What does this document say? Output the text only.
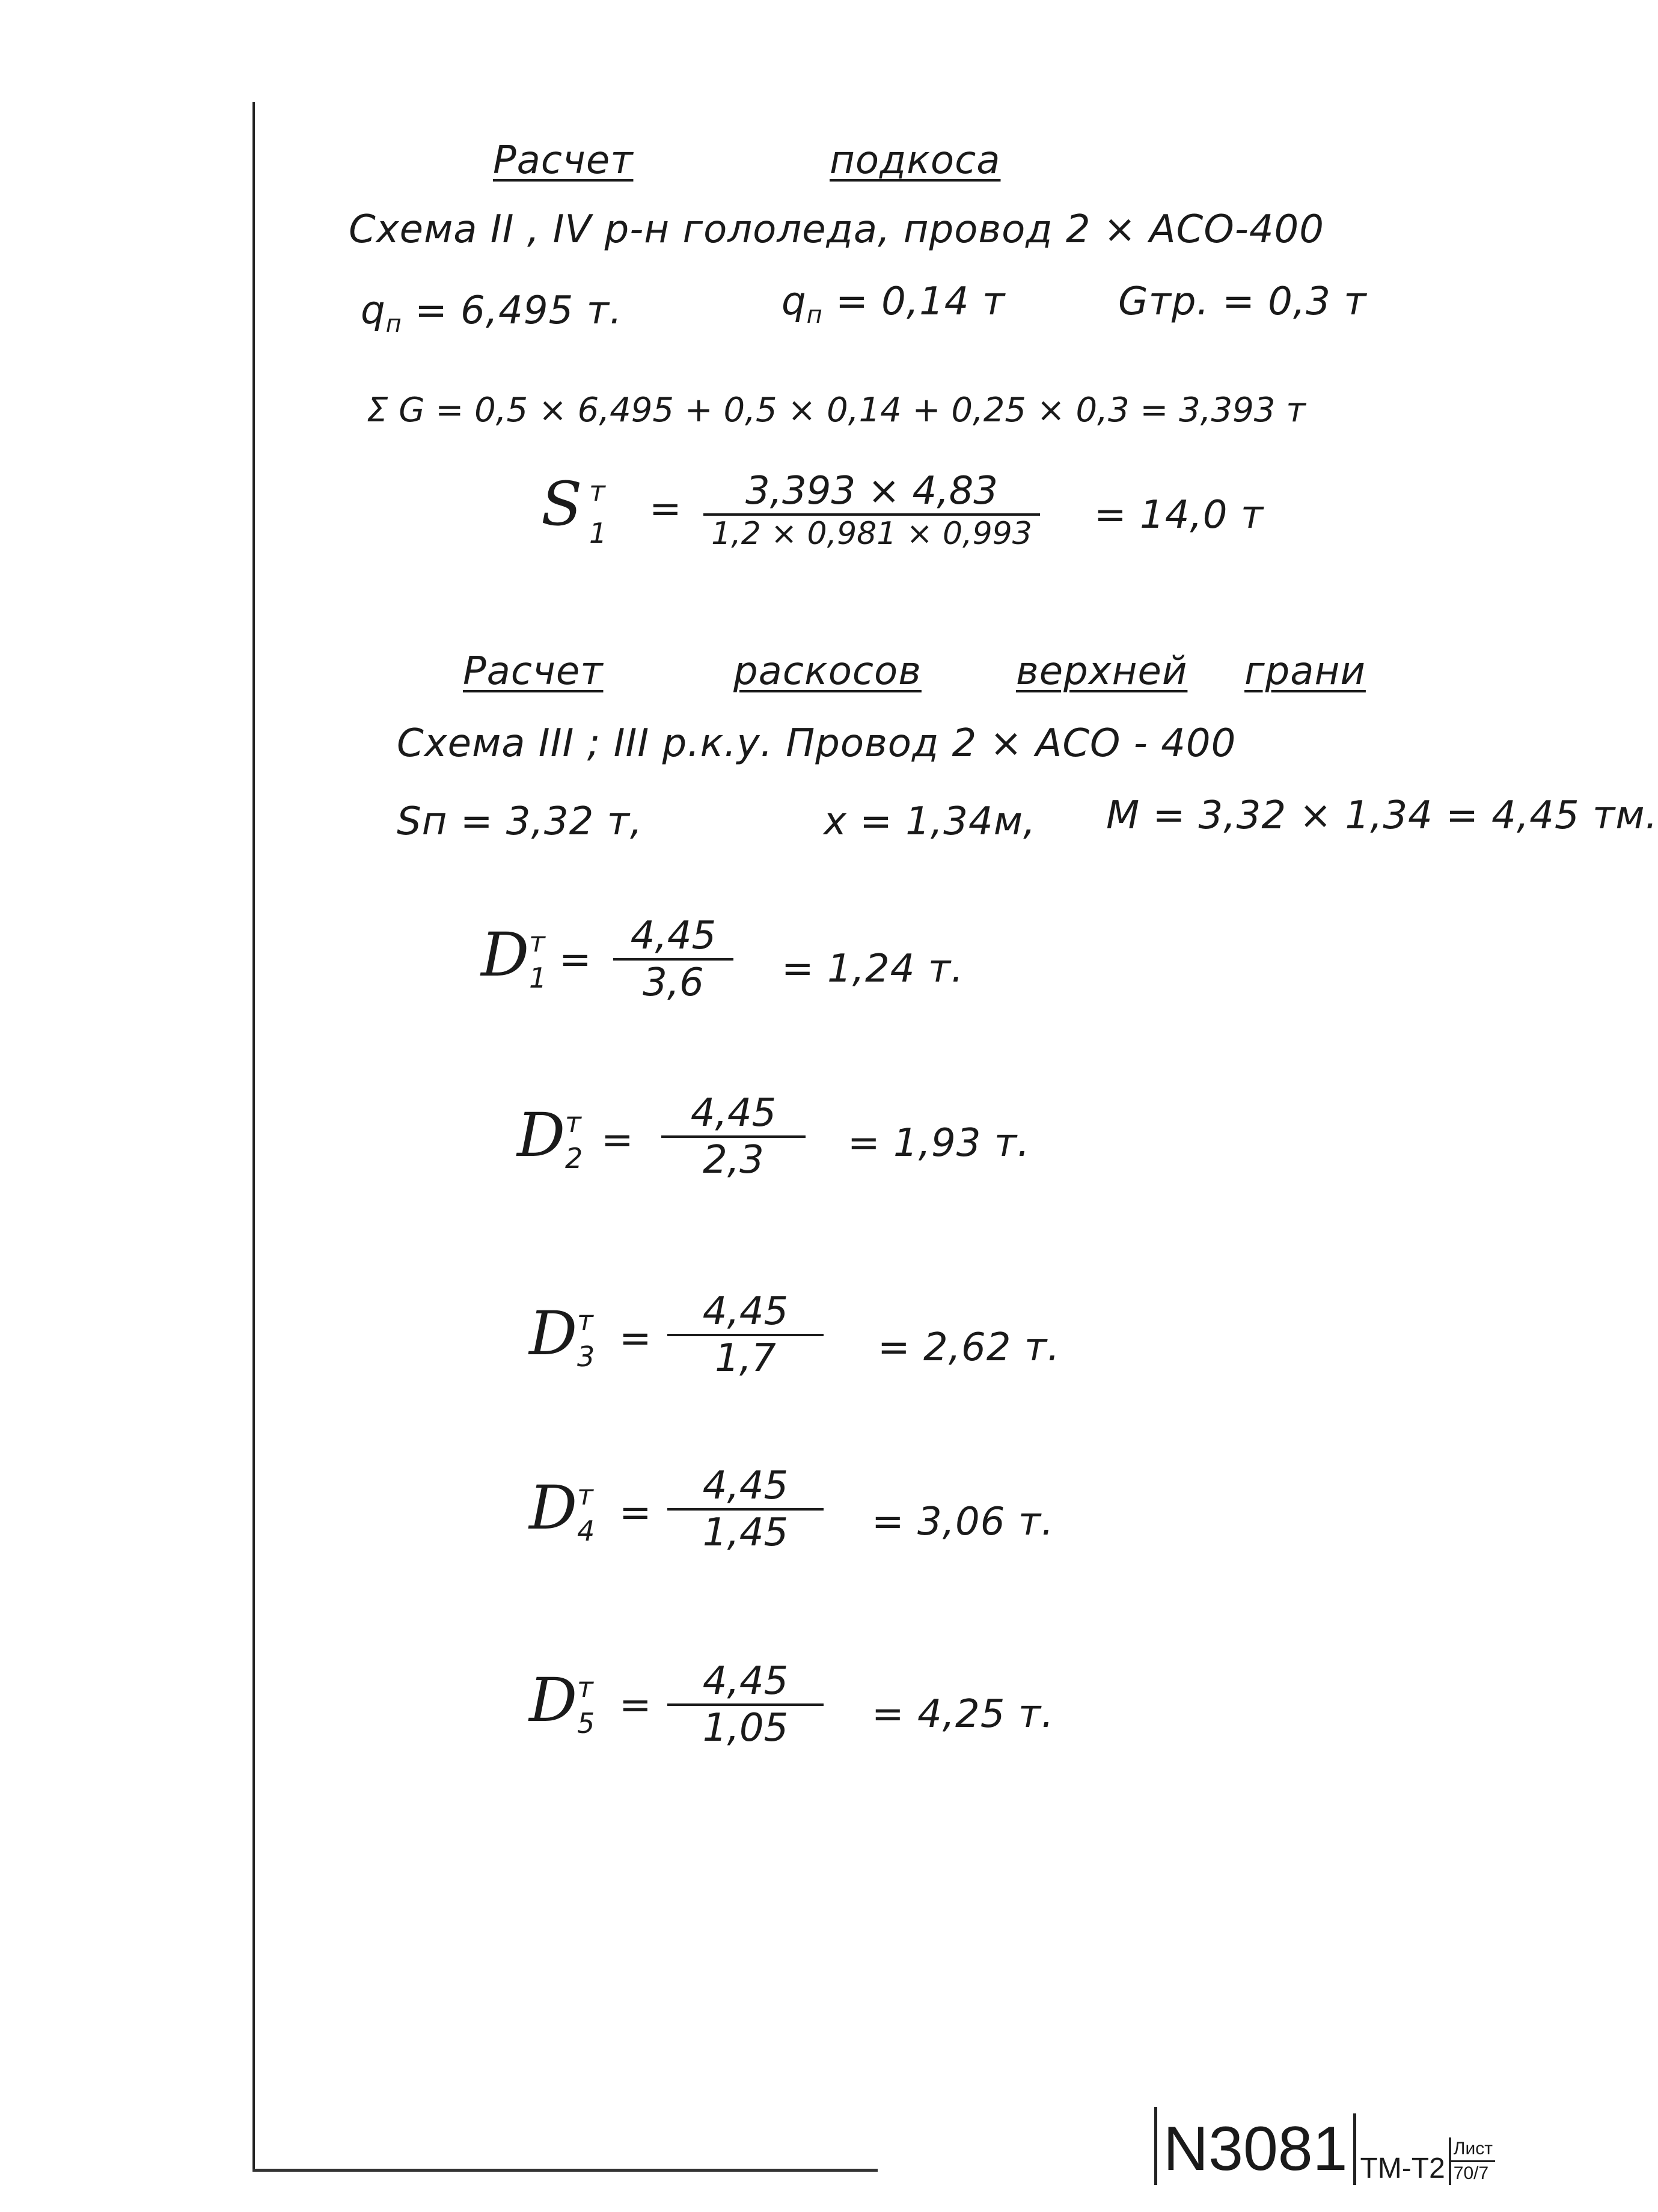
Расчет	подкоса
Схема II , IV р-н гололеда, провод 2 × АСО-400
$q_п = 6,495$ т.	$q_п = 0,14$ т	Gтр. = 0,3 т
Σ G = 0,5 × 6,495 + 0,5 × 0,14 + 0,25 × 0,3 = 3,393 т
S т
1
= 3,393 × 4,83
1,2 × 0,981 × 0,993 = 14,0 т
Расчет	раскосов верхней грани
Схема III ; III р.к.у. Провод 2 × АСО - 400
Sп = 3,32 т,	x = 1,34м, M = 3,32 × 1,34 = 4,45 тм.
D т
1 =
4,45
3,6 = 1,24 т.
D т
2 =
4,45
2,3 = 1,93 т.
D т
3 =
4,45
1,7	= 2,62 т.
D т
4 =
4,45
1,45 = 3,06 т.
D т
5 =
4,45
1,05 = 4,25 т.
N3081 ТМ-Т2
Лист
70/7
